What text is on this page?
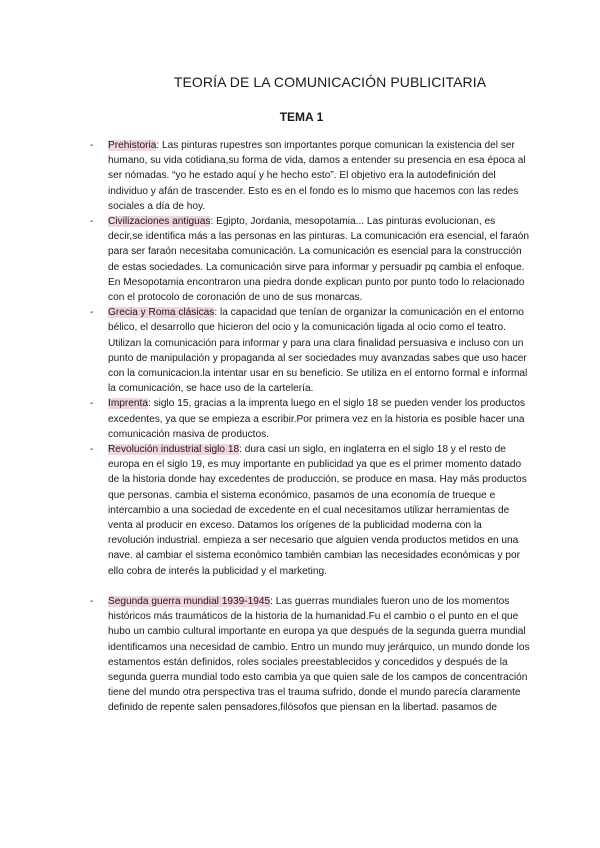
TEORÍA DE LA COMUNICACIÓN PUBLICITARIA
TEMA 1
- Prehistoria: Las pinturas rupestres son importantes porque comunican la existencia del ser humano, su vida cotidiana,su forma de vida, darnos a entender su presencia en esa época al ser nómadas. “yo he estado aquí y he hecho esto”. El objetivo era la autodefinición del individuo y afán de trascender. Esto es en el fondo es lo mismo que hacemos con las redes sociales a día de hoy.
- Civilizaciones antiguas: Egipto, Jordania, mesopotamia... Las pinturas evolucionan, es decir,se identifica más a las personas en las pinturas. La comunicación era esencial, el faraón para ser faraón necesitaba comunicación. La comunicación es esencial para la construcción de estas sociedades. La comunicación sirve para informar y persuadir pq cambia el enfoque. En Mesopotamia encontraron una piedra donde explican punto por punto todo lo relacionado con el protocolo de coronación de uno de sus monarcas.
- Grecia y Roma clásicas: la capacidad que tenían de organizar la comunicación en el entorno bélico, el desarrollo que hicieron del ocio y la comunicación ligada al ocio como el teatro. Utilizan la comunicación para informar y para una clara finalidad persuasiva e incluso con un punto de manipulación y propaganda al ser sociedades muy avanzadas sabes que uso hacer con la comunicacion.la intentar usar en su beneficio. Se utiliza en el entorno formal e informal la comunicación, se hace uso de la cartelería.
- Imprenta: siglo 15, gracias a la imprenta luego en el siglo 18 se pueden vender los productos excedentes, ya que se empieza a escribir.Por primera vez en la historia es posible hacer una comunicación masiva de productos.
- Revolución industrial siglo 18: dura casi un siglo, en inglaterra en el siglo 18 y el resto de europa en el siglo 19, es muy importante en publicidad ya que es el primer momento datado de la historia donde hay excedentes de producción, se produce en masa. Hay más productos que personas. cambia el sistema económico, pasamos de una economía de trueque e intercambio a una sociedad de excedente en el cual necesitamos utilizar herramientas de venta al producir en exceso. Datamos los orígenes de la publicidad moderna con la revolución industrial. empieza a ser necesario que alguien venda productos metidos en una nave. al cambiar el sistema económico también cambian las necesidades económicas y por ello cobra de interés la publicidad y el marketing.
- Segunda guerra mundial 1939-1945: Las guerras mundiales fueron uno de los momentos históricos más traumáticos de la historia de la humanidad.Fu el cambio o el punto en el que hubo un cambio cultural importante en europa ya que después de la segunda guerra mundial identificamos una necesidad de cambio. Entro un mundo muy jerárquico, un mundo donde los estamentos están definidos, roles sociales preestablecidos y concedidos y después de la segunda guerra mundial todo esto cambia ya que quien sale de los campos de concentración tiene del mundo otra perspectiva tras el trauma sufrido, donde el mundo parecía claramente definido de repente salen pensadores,filósofos que piensan en la libertad. pasamos de
